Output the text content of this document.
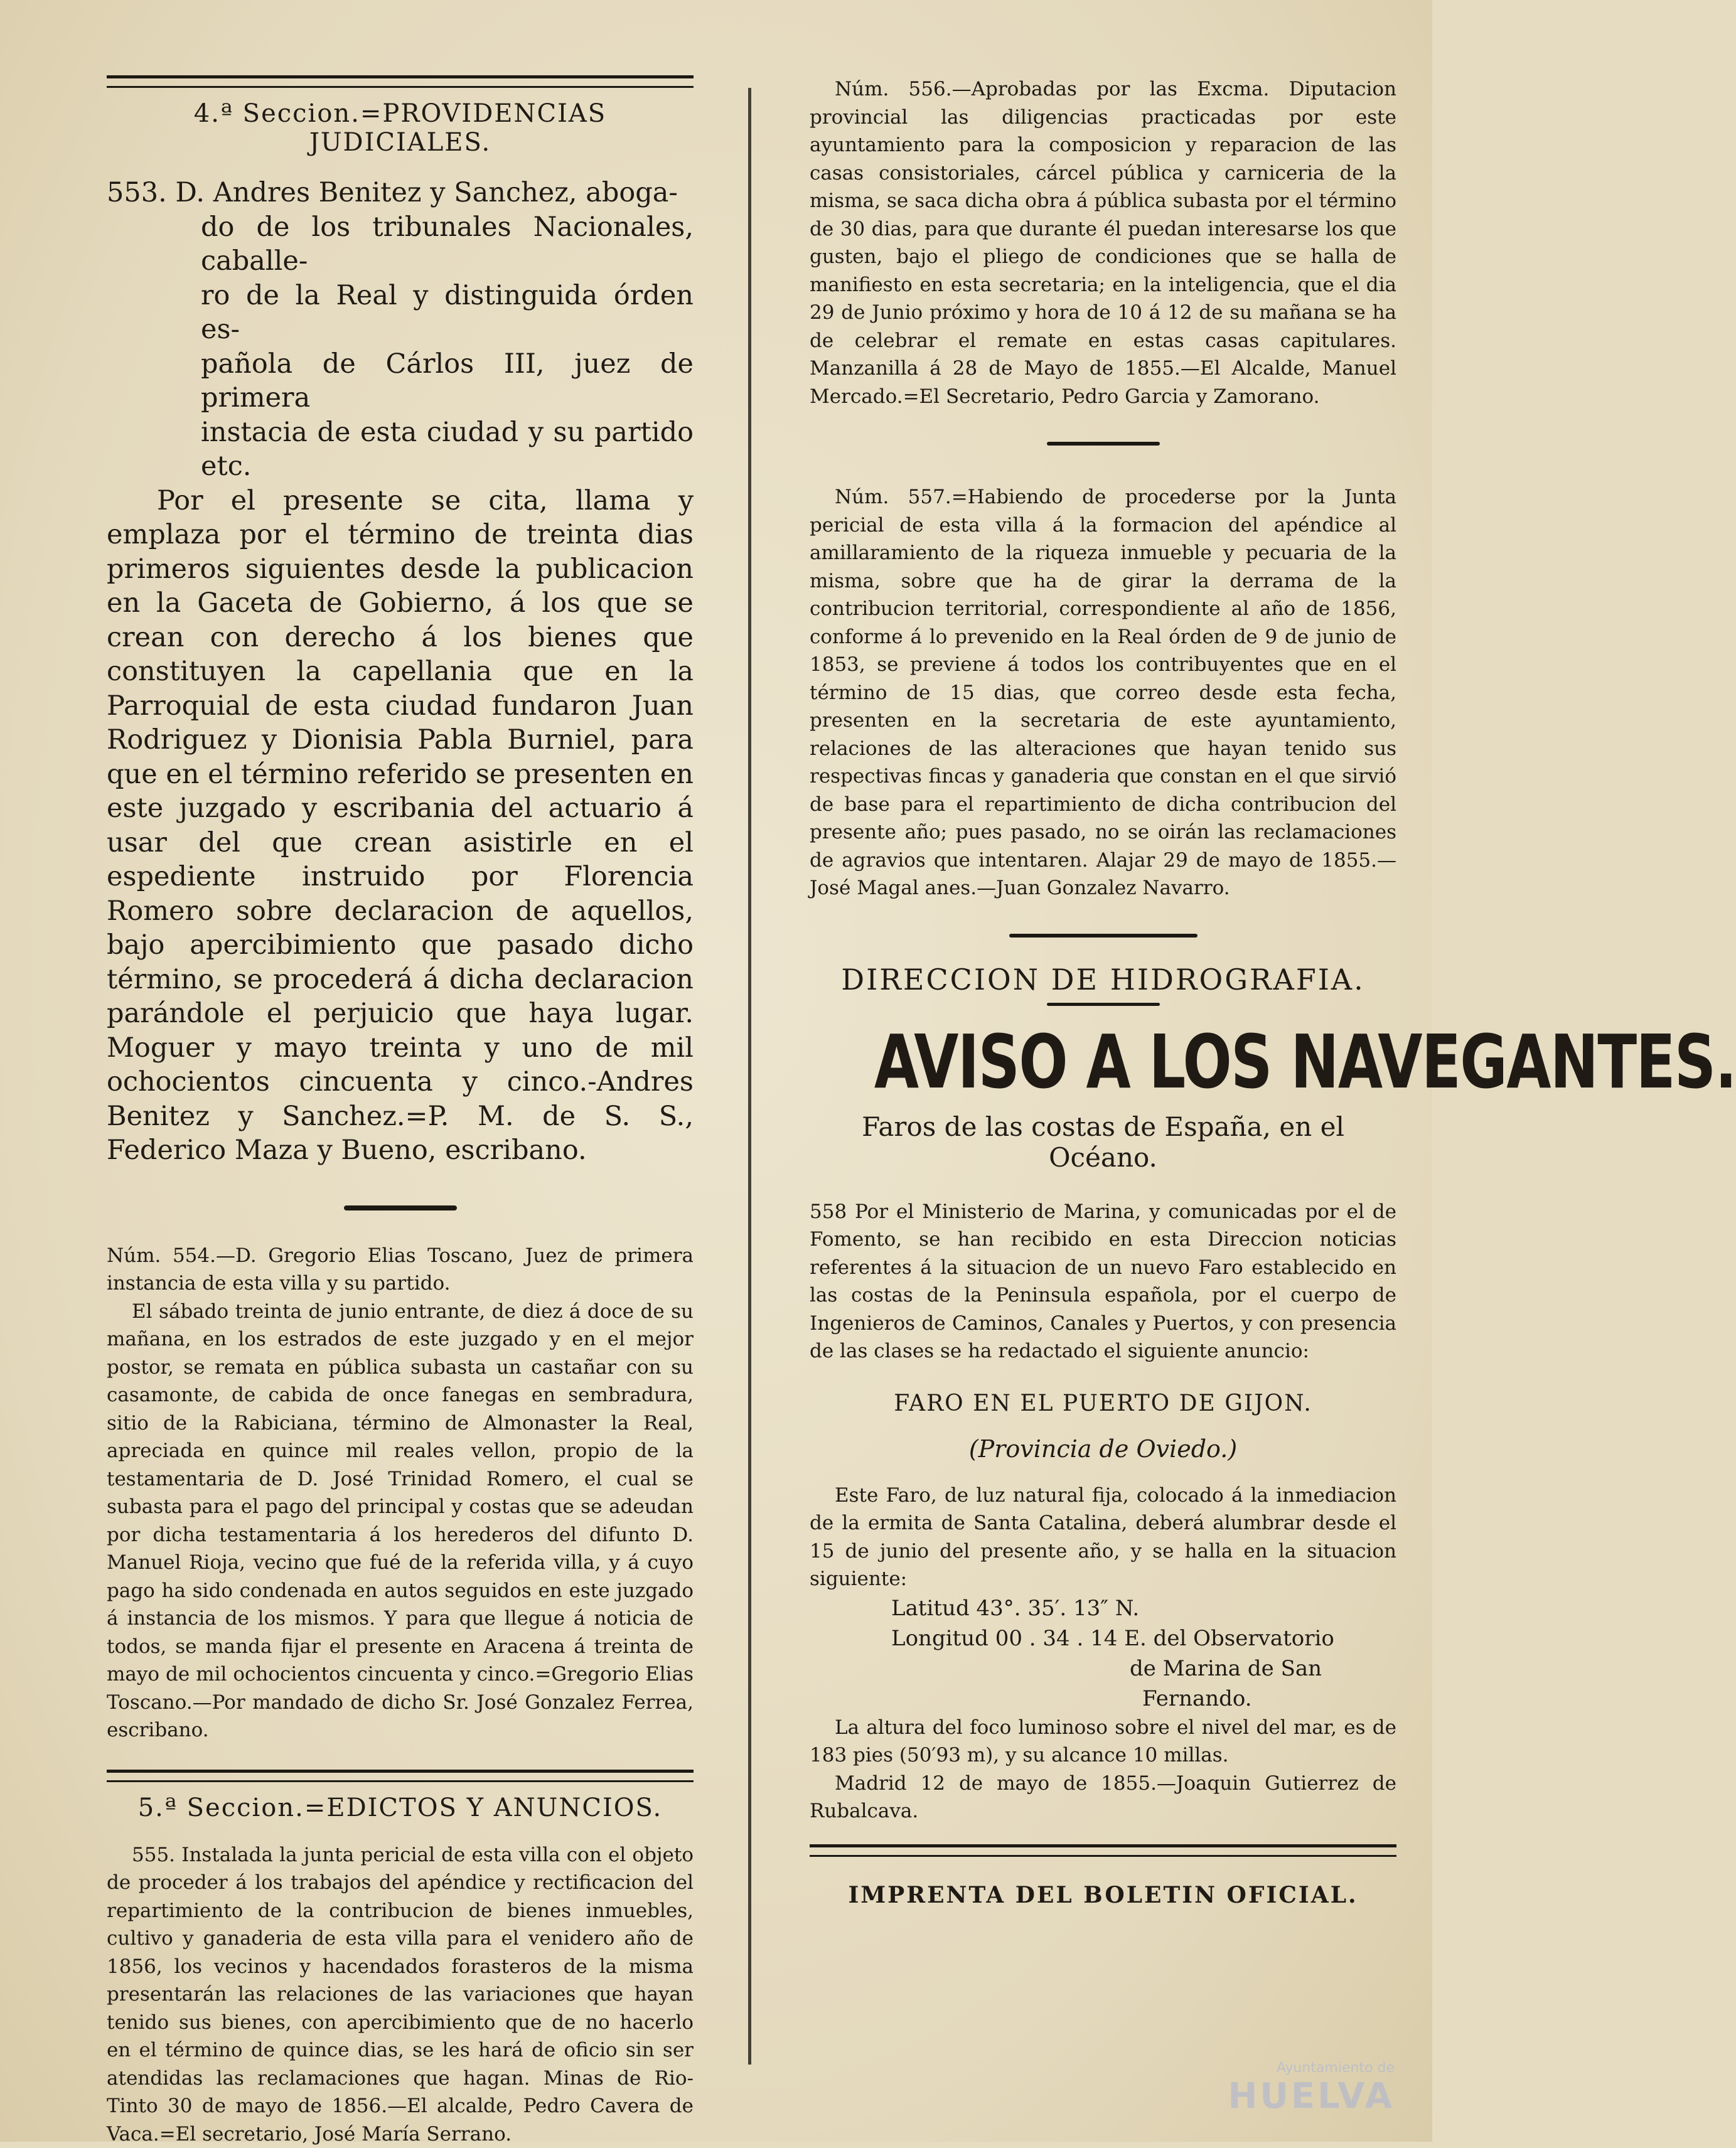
4.ª Seccion.=PROVIDENCIAS JUDICIALES.
553. D. Andres Benitez y Sanchez, aboga-
do de los tribunales Nacionales, caballe-
ro de la Real y distinguida órden es-
pañola de Cárlos III, juez de primera
instacia de esta ciudad y su partido etc.

Por el presente se cita, llama y emplaza por el término de treinta dias primeros siguientes desde la publicacion en la Gaceta de Gobierno, á los que se crean con derecho á los bienes que constituyen la capellania que en la Parroquial de esta ciudad fundaron Juan Rodriguez y Dionisia Pabla Burniel, para que en el término referido se presenten en este juzgado y escribania del actuario á usar del que crean asistirle en el espediente instruido por Florencia Romero sobre declaracion de aquellos, bajo apercibimiento que pasado dicho término, se procederá á dicha declaracion parándole el perjuicio que haya lugar. Moguer y mayo treinta y uno de mil ochocientos cincuenta y cinco.-Andres Benitez y Sanchez.=P. M. de S. S., Federico Maza y Bueno, escribano.

Núm. 554.—D. Gregorio Elias Toscano, Juez de primera instancia de esta villa y su partido.

El sábado treinta de junio entrante, de diez á doce de su mañana, en los estrados de este juzgado y en el mejor postor, se remata en pública subasta un castañar con su casamonte, de cabida de once fanegas en sembradura, sitio de la Rabiciana, término de Almonaster la Real, apreciada en quince mil reales vellon, propio de la testamentaria de D. José Trinidad Romero, el cual se subasta para el pago del principal y costas que se adeudan por dicha testamentaria á los herederos del difunto D. Manuel Rioja, vecino que fué de la referida villa, y á cuyo pago ha sido condenada en autos seguidos en este juzgado á instancia de los mismos. Y para que llegue á noticia de todos, se manda fijar el presente en Aracena á treinta de mayo de mil ochocientos cincuenta y cinco.=Gregorio Elias Toscano.—Por mandado de dicho Sr. José Gonzalez Ferrea, escribano.

5.ª Seccion.=EDICTOS Y ANUNCIOS.

555. Instalada la junta pericial de esta villa con el objeto de proceder á los trabajos del apéndice y rectificacion del repartimiento de la contribucion de bienes inmuebles, cultivo y ganaderia de esta villa para el venidero año de 1856, los vecinos y hacendados forasteros de la misma presentarán las relaciones de las variaciones que hayan tenido sus bienes, con apercibimiento que de no hacerlo en el término de quince dias, se les hará de oficio sin ser atendidas las reclamaciones que hagan. Minas de Rio-Tinto 30 de mayo de 1856.—El alcalde, Pedro Cavera de Vaca.=El secretario, José María Serrano.

Núm. 556.—Aprobadas por las Excma. Diputacion provincial las diligencias practicadas por este ayuntamiento para la composicion y reparacion de las casas consistoriales, cárcel pública y carniceria de la misma, se saca dicha obra á pública subasta por el término de 30 dias, para que durante él puedan interesarse los que gusten, bajo el pliego de condiciones que se halla de manifiesto en esta secretaria; en la inteligencia, que el dia 29 de Junio próximo y hora de 10 á 12 de su mañana se ha de celebrar el remate en estas casas capitulares. Manzanilla á 28 de Mayo de 1855.—El Alcalde, Manuel Mercado.=El Secretario, Pedro Garcia y Zamorano.

Núm. 557.=Habiendo de procederse por la Junta pericial de esta villa á la formacion del apéndice al amillaramiento de la riqueza inmueble y pecuaria de la misma, sobre que ha de girar la derrama de la contribucion territorial, correspondiente al año de 1856, conforme á lo prevenido en la Real órden de 9 de junio de 1853, se previene á todos los contribuyentes que en el término de 15 dias, que correo desde esta fecha, presenten en la secretaria de este ayuntamiento, relaciones de las alteraciones que hayan tenido sus respectivas fincas y ganaderia que constan en el que sirvió de base para el repartimiento de dicha contribucion del presente año; pues pasado, no se oirán las reclamaciones de agravios que intentaren. Alajar 29 de mayo de 1855.—José Magal anes.—Juan Gonzalez Navarro.

DIRECCION DE HIDROGRAFIA.
AVISO A LOS NAVEGANTES.
Faros de las costas de España, en el Océano.

558 Por el Ministerio de Marina, y comunicadas por el de Fomento, se han recibido en esta Direccion noticias referentes á la situacion de un nuevo Faro establecido en las costas de la Peninsula española, por el cuerpo de Ingenieros de Caminos, Canales y Puertos, y con presencia de las clases se ha redactado el siguiente anuncio:

FARO EN EL PUERTO DE GIJON.
(Provincia de Oviedo.)

Este Faro, de luz natural fija, colocado á la inmediacion de la ermita de Santa Catalina, deberá alumbrar desde el 15 de junio del presente año, y se halla en la situacion siguiente:

Latitud 43°. 35′. 13″ N.
Longitud 00 . 34 . 14 E. del Observatorio
de Marina de San
Fernando.

La altura del foco luminoso sobre el nivel del mar, es de 183 pies (50′93 m), y su alcance 10 millas.

Madrid 12 de mayo de 1855.—Joaquin Gutierrez de Rubalcava.

IMPRENTA DEL BOLETIN OFICIAL.
Ayuntamiento de
HUELVA
